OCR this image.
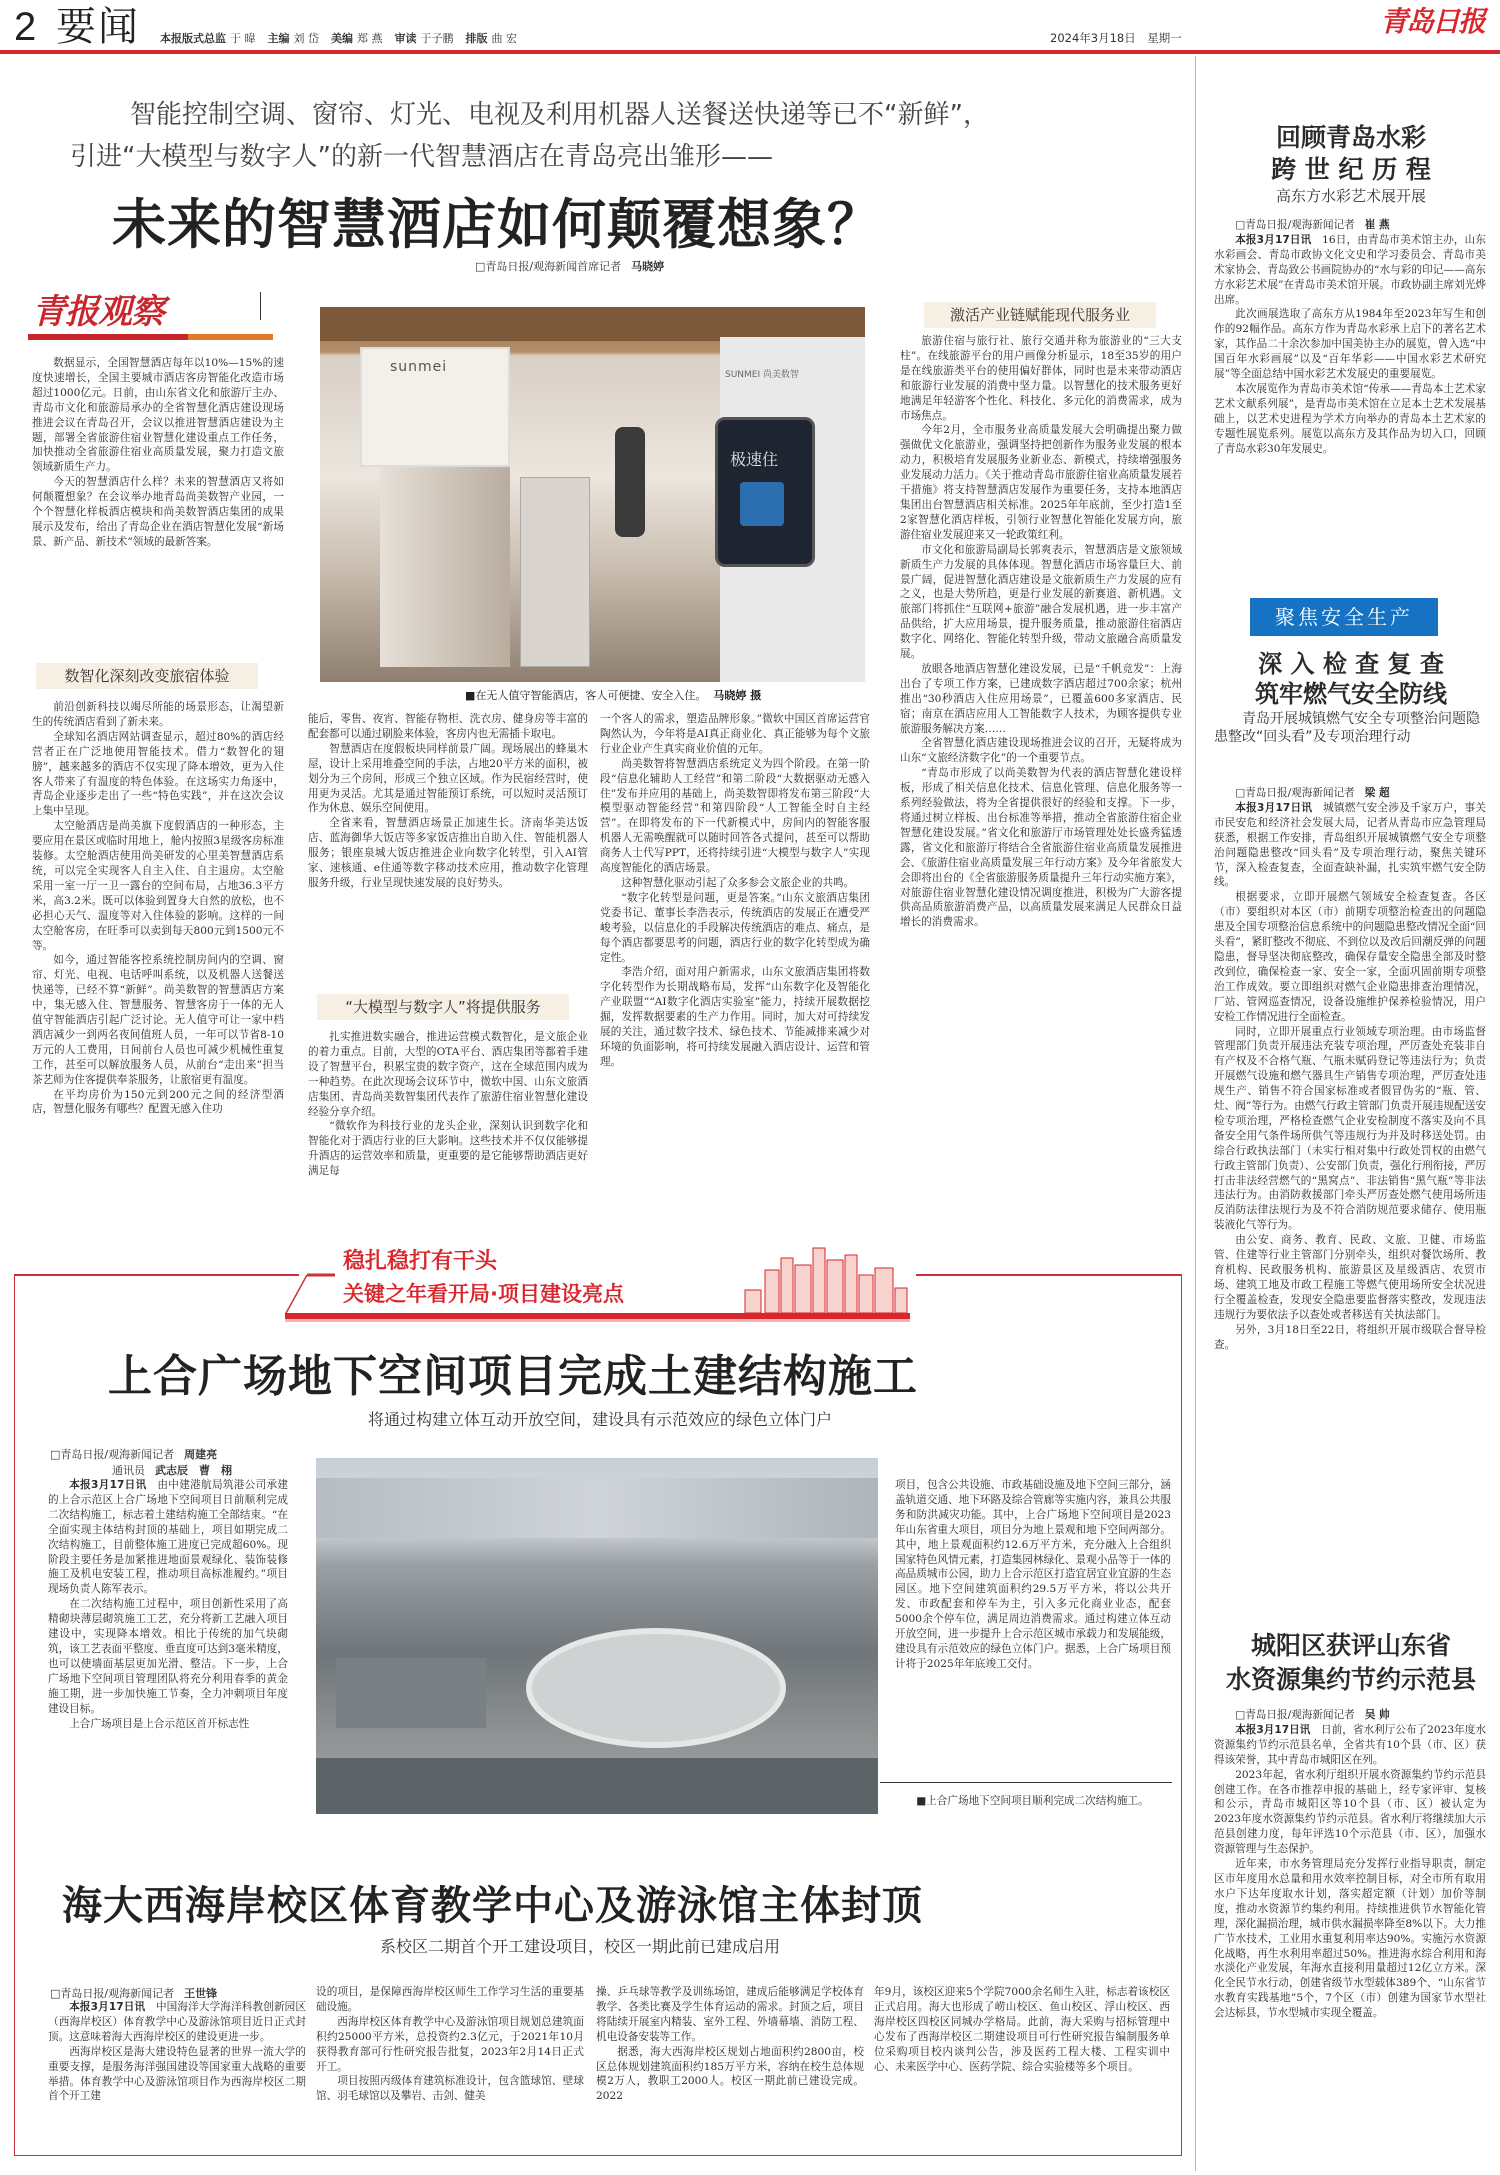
2 要闻 本报版式总监 于 暐 主编 刘 岱 美编 郑 燕 审读 于子鹏 排版 曲 宏	2024年3月18日　星期一	青岛日报
智能控制空调、窗帘、灯光、电视及利用机器人送餐送快递等已不“新鲜”，
引进“大模型与数字人”的新一代智慧酒店在青岛亮出雏形——
未来的智慧酒店如何颠覆想象？
□青岛日报/观海新闻首席记者 马晓婷
青报观察

数据显示，全国智慧酒店每年以10%—15%的速度快速增长，全国主要城市酒店客房智能化改造市场超过1000亿元。日前，由山东省文化和旅游厅主办、青岛市文化和旅游局承办的全省智慧化酒店建设现场推进会议在青岛召开，会议以推进智慧酒店建设为主题，部署全省旅游住宿业智慧化建设重点工作任务，加快推动全省旅游住宿业高质量发展，聚力打造文旅领域新质生产力。

今天的智慧酒店什么样？未来的智慧酒店又将如何颠覆想象？在会议举办地青岛尚美数智产业园，一个个智慧化样板酒店模块和尚美数智酒店集团的成果展示及发布，给出了青岛企业在酒店智慧化发展“新场景、新产品、新技术”领域的最新答案。

数智化深刻改变旅宿体验

前沿创新科技以竭尽所能的场景形态，让渴望新生的传统酒店看到了新未来。

全球知名酒店网站调查显示，超过80%的酒店经营者正在广泛地使用智能技术。借力“数智化的翅膀”，越来越多的酒店不仅实现了降本增效，更为入住客人带来了有温度的特色体验。在这场实力角逐中，青岛企业逐步走出了一些“特色实践”，并在这次会议上集中呈现。

太空舱酒店是尚美旗下度假酒店的一种形态，主要应用在景区或临时用地上，舱内按照3星级客房标准装修。太空舱酒店使用尚美研发的心里美智慧酒店系统，可以完全实现客人自主入住、自主退房。太空舱采用一室一厅一卫一露台的空间布局，占地36.3平方米，高3.2米。既可以体验到置身大自然的放松，也不必担心天气、温度等对入住体验的影响。这样的一间太空舱客房，在旺季可以卖到每天800元到1500元不等。

如今，通过智能客控系统控制房间内的空调、窗帘、灯光、电视、电话呼叫系统，以及机器人送餐送快递等，已经不算“新鲜”。尚美数智的智慧酒店方案中，集无感入住、智慧服务、智慧客房于一体的无人值守智能酒店引起广泛讨论。无人值守可让一家中档酒店减少一到两名夜间值班人员，一年可以节省8-10万元的人工费用，日间前台人员也可减少机械性重复工作，甚至可以解放服务人员，从前台“走出来”担当茶艺师为住客提供奉茶服务，让旅宿更有温度。

在平均房价为150元到200元之间的经济型酒店，智慧化服务有哪些？配置无感入住功

sunmei	SUNMEI 尚美数智
极速住
■在无人值守智能酒店，客人可便捷、安全入住。 马晓婷 摄

能后，零售、夜宵、智能存物柜、洗衣房、健身房等丰富的配套都可以通过刷脸来体验，客房内也无需插卡取电。

智慧酒店在度假板块同样前景广阔。现场展出的蜂巢木屋，设计上采用堆叠空间的手法，占地20平方米的面积，被划分为三个房间，形成三个独立区域。作为民宿经营时，使用更为灵活。尤其是通过智能预订系统，可以短时灵活预订作为休息、娱乐空间使用。

全省来看，智慧酒店场景正加速生长。济南华美达饭店、蓝海御华大饭店等多家饭店推出自助入住、智能机器人服务；银座泉城大饭店推进企业向数字化转型，引入AI管家、速核通、e住通等数字移动技术应用，推动数字化管理服务升级，行业呈现快速发展的良好势头。

“大模型与数字人”将提供服务

扎实推进数实融合，推进运营模式数智化，是文旅企业的着力重点。目前，大型的OTA平台、酒店集团等都着手建设了智慧平台，积累宝贵的数字资产，这在全球范围内成为一种趋势。在此次现场会议环节中，微软中国、山东文旅酒店集团、青岛尚美数智集团代表作了旅游住宿业智慧化建设经验分享介绍。

“微软作为科技行业的龙头企业，深刻认识到数字化和智能化对于酒店行业的巨大影响。这些技术并不仅仅能够提升酒店的运营效率和质量，更重要的是它能够帮助酒店更好满足每

一个客人的需求，塑造品牌形象。”微软中国区首席运营官陶然认为，今年将是AI真正商业化、真正能够为每个文旅行业企业产生真实商业价值的元年。

尚美数智将智慧酒店系统定义为四个阶段。在第一阶段“信息化辅助人工经营”和第二阶段“大数据驱动无感入住”发布并应用的基础上，尚美数智即将发布第三阶段“大模型驱动智能经营”和第四阶段“人工智能全时自主经营”。在即将发布的下一代新模式中，房间内的智能客服机器人无需唤醒就可以随时回答各式提问，甚至可以帮助商务人士代写PPT，还将持续引进“大模型与数字人”实现高度智能化的酒店场景。

这种智慧化驱动引起了众多参会文旅企业的共鸣。

“数字化转型是问题，更是答案。”山东文旅酒店集团党委书记、董事长李浩表示，传统酒店的发展正在遭受严峻考验，以信息化的手段解决传统酒店的难点、痛点，是每个酒店都要思考的问题，酒店行业的数字化转型成为确定性。

李浩介绍，面对用户新需求，山东文旅酒店集团将数字化转型作为长期战略布局，发挥“山东数字化及智能化产业联盟”“AI数字化酒店实验室”能力，持续开展数据挖掘，发挥数据要素的生产力作用。同时，加大对可持续发展的关注，通过数字技术、绿色技术、节能减排来减少对环境的负面影响，将可持续发展融入酒店设计、运营和管理。

激活产业链赋能现代服务业

旅游住宿与旅行社、旅行交通并称为旅游业的“三大支柱”。在线旅游平台的用户画像分析显示，18至35岁的用户是在线旅游类平台的使用偏好群体，同时也是未来带动酒店和旅游行业发展的消费中坚力量。以智慧化的技术服务更好地满足年轻游客个性化、科技化、多元化的消费需求，成为市场焦点。

今年2月，全市服务业高质量发展大会明确提出聚力做强做优文化旅游业，强调坚持把创新作为服务业发展的根本动力，积极培育发展服务业新业态、新模式，持续增强服务业发展动力活力。《关于推动青岛市旅游住宿业高质量发展若干措施》将支持智慧酒店发展作为重要任务，支持本地酒店集团出台智慧酒店相关标准。2025年年底前，至少打造1至2家智慧化酒店样板，引领行业智慧化智能化发展方向，旅游住宿业发展迎来又一轮政策红利。

市文化和旅游局副局长郭爽表示，智慧酒店是文旅领域新质生产力发展的具体体现。智慧化酒店市场容量巨大、前景广阔，促进智慧化酒店建设是文旅新质生产力发展的应有之义，也是大势所趋，更是行业发展的新赛道、新机遇。文旅部门将抓住“互联网+旅游”融合发展机遇，进一步丰富产品供给，扩大应用场景，提升服务质量，推动旅游住宿酒店数字化、网络化、智能化转型升级，带动文旅融合高质量发展。

放眼各地酒店智慧化建设发展，已是“千帆竞发”：上海出台了专项工作方案，已建成数字酒店超过700余家；杭州推出“30秒酒店入住应用场景”，已覆盖600多家酒店、民宿；南京在酒店应用人工智能数字人技术，为顾客提供专业旅游服务解决方案……

全省智慧化酒店建设现场推进会议的召开，无疑将成为山东“文旅经济数字化”的一个重要节点。

“青岛市形成了以尚美数智为代表的酒店智慧化建设样板，形成了相关信息化技术、信息化管理、信息化服务等一系列经验做法，将为全省提供很好的经验和支撑。下一步，将通过树立样板、出台标准等举措，推动全省旅游住宿企业智慧化建设发展。”省文化和旅游厅市场管理处处长盛秀猛透露，省文化和旅游厅将结合全省旅游住宿业高质量发展推进会、《旅游住宿业高质量发展三年行动方案》及今年省旅发大会即将出台的《全省旅游服务质量提升三年行动实施方案》，对旅游住宿业智慧化建设情况调度推进，积极为广大游客提供高品质旅游消费产品，以高质量发展来满足人民群众日益增长的消费需求。

回顾青岛水彩
跨 世 纪 历 程
高东方水彩艺术展开展

□青岛日报/观海新闻记者 崔 燕

本报3月17日讯　16日，由青岛市美术馆主办，山东水彩画会、青岛市政协文化文史和学习委员会、青岛市美术家协会、青岛致公书画院协办的“水与彩的印记——高东方水彩艺术展”在青岛市美术馆开展。市政协副主席刘光烨出席。

此次画展选取了高东方从1984年至2023年写生和创作的92幅作品。高东方作为青岛水彩承上启下的著名艺术家，其作品二十余次参加中国美协主办的展览，曾入选“中国百年水彩画展”以及“百年华彩——中国水彩艺术研究展”等全面总结中国水彩艺术发展史的重要展览。

本次展览作为青岛市美术馆“传承——青岛本土艺术家艺术文献系列展”，是青岛市美术馆在立足本土艺术发展基础上，以艺术史进程为学术方向举办的青岛本土艺术家的专题性展览系列。展览以高东方及其作品为切入口，回顾了青岛水彩30年发展史。

聚焦安全生产
深 入 检 查 复 查
筑牢燃气安全防线
青岛开展城镇燃气安全专项整治问题隐患整改“回头看”及专项治理行动

□青岛日报/观海新闻记者 梁 超

本报3月17日讯　城镇燃气安全涉及千家万户，事关市民安危和经济社会发展大局，记者从青岛市应急管理局获悉，根据工作安排，青岛组织开展城镇燃气安全专项整治问题隐患整改“回头看”及专项治理行动，聚焦关键环节，深入检查复查，全面查缺补漏，扎实筑牢燃气安全防线。

根据要求，立即开展燃气领域安全检查复查。各区（市）要组织对本区（市）前期专项整治检查出的问题隐患及全国专项整治信息系统中的问题隐患整改情况全面“回头看”，紧盯整改不彻底、不到位以及改后回潮反弹的问题隐患，督导坚决彻底整改，确保存量安全隐患全部及时整改到位，确保检查一家、安全一家，全面巩固前期专项整治工作成效。要立即组织对燃气企业隐患排查治理情况，厂站、管网巡查情况，设备设施维护保养检验情况，用户安检工作情况进行全面检查。

同时，立即开展重点行业领域专项治理。由市场监督管理部门负责开展违法充装专项治理，严厉查处充装非自有产权及不合格气瓶、气瓶未赋码登记等违法行为；负责开展燃气设施和燃气器具生产销售专项治理，严厉查处违规生产、销售不符合国家标准或者假冒伪劣的“瓶、管、灶、阀”等行为。由燃气行政主管部门负责开展违规配送安检专项治理，严格检查燃气企业安检制度不落实及向不具备安全用气条件场所供气等违规行为并及时移送处罚。由综合行政执法部门（未实行相对集中行政处罚权的由燃气行政主管部门负责）、公安部门负责，强化行刑衔接，严厉打击非法经营燃气的“黑窝点”、非法销售“黑气瓶”等非法违法行为。由消防救援部门牵头严厉查处燃气使用场所违反消防法律法规行为及不符合消防规范要求储存、使用瓶装液化气等行为。

由公安、商务、教育、民政、文旅、卫健、市场监管、住建等行业主管部门分别牵头，组织对餐饮场所、教育机构、民政服务机构、旅游景区及星级酒店、农贸市场、建筑工地及市政工程施工等燃气使用场所安全状况进行全覆盖检查，发现安全隐患要监督落实整改，发现违法违规行为要依法予以查处或者移送有关执法部门。

另外，3月18日至22日，将组织开展市级联合督导检查。

城阳区获评山东省
水资源集约节约示范县

□青岛日报/观海新闻记者 吴 帅

本报3月17日讯　日前，省水利厅公布了2023年度水资源集约节约示范县名单，全省共有10个县（市、区）获得该荣誉，其中青岛市城阳区在列。

2023年起，省水利厅组织开展水资源集约节约示范县创建工作。在各市推荐申报的基础上，经专家评审、复核和公示，青岛市城阳区等10个县（市、区）被认定为2023年度水资源集约节约示范县。省水利厅将继续加大示范县创建力度，每年评选10个示范县（市、区），加强水资源管理与生态保护。

近年来，市水务管理局充分发挥行业指导职责，制定区市年度用水总量和用水效率控制目标，对全市所有取用水户下达年度取水计划，落实超定额（计划）加价等制度，推动水资源节约集约利用。持续推进供节水智能化管理，深化漏损治理，城市供水漏损率降至8%以下。大力推广节水技术，工业用水重复利用率达90%。实施污水资源化战略，再生水利用率超过50%。推进海水综合利用和海水淡化产业发展，年海水直接利用量超过12亿立方米。深化全民节水行动，创建省级节水型载体389个、“山东省节水教育实践基地”5个，7个区（市）创建为国家节水型社会达标县，节水型城市实现全覆盖。

稳扎稳打有干头
关键之年看开局·项目建设亮点
上合广场地下空间项目完成土建结构施工
将通过构建立体互动开放空间，建设具有示范效应的绿色立体门户
□青岛日报/观海新闻记者 周建亮
通讯员 武志辰　曹　栩

本报3月17日讯　由中建港航局筑港公司承建的上合示范区上合广场地下空间项目日前顺利完成二次结构施工，标志着土建结构施工全部结束。“在全面实现主体结构封顶的基础上，项目如期完成二次结构施工，目前整体施工进度已完成超60%。现阶段主要任务是加紧推进地面景观绿化、装饰装修施工及机电安装工程，推动项目高标准履约。”项目现场负责人陈军表示。

在二次结构施工过程中，项目创新性采用了高精砌块薄层砌筑施工工艺，充分将新工艺融入项目建设中，实现降本增效。相比于传统的加气块砌筑，该工艺表面平整度、垂直度可达到3毫米精度，也可以使墙面基层更加光滑、整洁。下一步，上合广场地下空间项目管理团队将充分利用春季的黄金施工期，进一步加快施工节奏，全力冲刺项目年度建设目标。

上合广场项目是上合示范区首开标志性

项目，包含公共设施、市政基础设施及地下空间三部分，涵盖轨道交通、地下环路及综合管廊等实施内容，兼具公共服务和防洪减灾功能。其中，上合广场地下空间项目是2023年山东省重大项目，项目分为地上景观和地下空间两部分。其中，地上景观面积约12.6万平方米，充分融入上合组织国家特色风情元素，打造集园林绿化、景观小品等于一体的高品质城市公园，助力上合示范区打造宜居宜业宜游的生态园区。地下空间建筑面积约29.5万平方米，将以公共开发、市政配套和停车为主，引入多元化商业业态，配套5000余个停车位，满足周边消费需求。通过构建立体互动开放空间，进一步提升上合示范区城市承载力和发展能级，建设具有示范效应的绿色立体门户。据悉，上合广场项目预计将于2025年年底竣工交付。

■上合广场地下空间项目顺利完成二次结构施工。

海大西海岸校区体育教学中心及游泳馆主体封顶
系校区二期首个开工建设项目，校区一期此前已建成启用
□青岛日报/观海新闻记者 王世锋

本报3月17日讯　中国海洋大学海洋科教创新园区（西海岸校区）体育教学中心及游泳馆项目近日正式封顶。这意味着海大西海岸校区的建设更进一步。

西海岸校区是海大建设特色显著的世界一流大学的重要支撑，是服务海洋强国建设等国家重大战略的重要举措。体育教学中心及游泳馆项目作为西海岸校区二期首个开工建

设的项目，是保障西海岸校区师生工作学习生活的重要基础设施。

西海岸校区体育教学中心及游泳馆项目规划总建筑面积约25000平方米，总投资约2.3亿元，于2021年10月获得教育部可行性研究报告批复，2023年2月14日正式开工。

项目按照丙级体育建筑标准设计，包含篮球馆、壁球馆、羽毛球馆以及攀岩、击剑、健美

操、乒乓球等教学及训练场馆，建成后能够满足学校体育教学、各类比赛及学生体育运动的需求。封顶之后，项目将陆续开展室内精装、室外工程、外墙幕墙、消防工程、机电设备安装等工作。

据悉，海大西海岸校区规划占地面积约2800亩，校区总体规划建筑面积约185万平方米，容纳在校生总体规模2万人，教职工2000人。校区一期此前已建设完成。2022

年9月，该校区迎来5个学院7000余名师生入驻，标志着该校区正式启用。海大也形成了崂山校区、鱼山校区、浮山校区、西海岸校区四校区同城办学格局。此前，海大采购与招标管理中心发布了西海岸校区二期建设项目可行性研究报告编制服务单位采购项目校内谈判公告，涉及医药工程大楼、工程实训中心、未来医学中心、医药学院、综合实验楼等多个项目。
